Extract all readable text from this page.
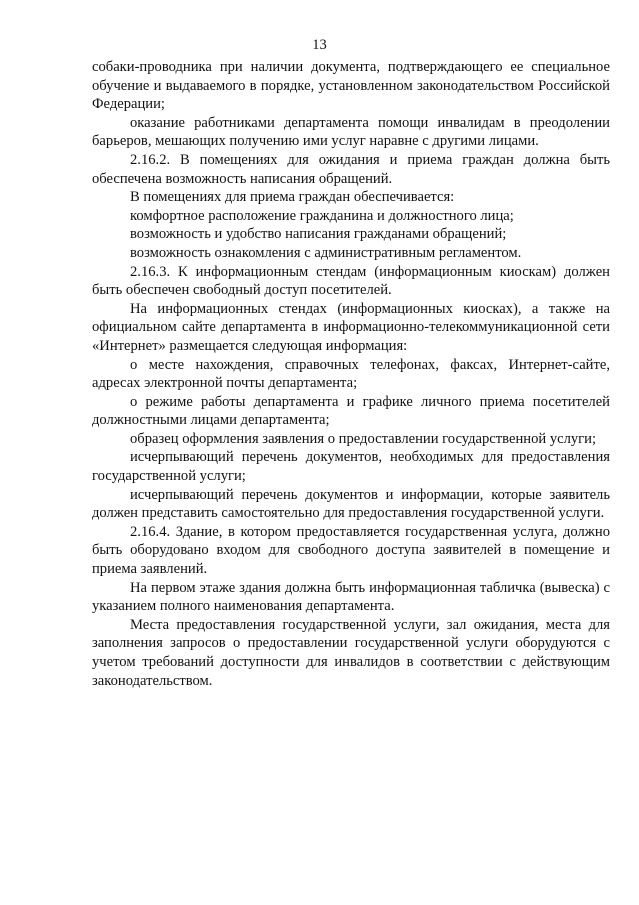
13

собаки-проводника при наличии документа, подтверждающего ее специальное обучение и выдаваемого в порядке, установленном законодательством Российской Федерации;

оказание работниками департамента помощи инвалидам в преодолении барьеров, мешающих получению ими услуг наравне с другими лицами.

2.16.2. В помещениях для ожидания и приема граждан должна быть обеспечена возможность написания обращений.

В помещениях для приема граждан обеспечивается:

комфортное расположение гражданина и должностного лица;

возможность и удобство написания гражданами обращений;

возможность ознакомления с административным регламентом.

2.16.3. К информационным стендам (информационным киоскам) должен быть обеспечен свободный доступ посетителей.

На информационных стендах (информационных киосках), а также на официальном сайте департамента в информационно-телекоммуникационной сети «Интернет» размещается следующая информация:

о месте нахождения, справочных телефонах, факсах, Интернет-сайте, адресах электронной почты департамента;

о режиме работы департамента и графике личного приема посетителей должностными лицами департамента;

образец оформления заявления о предоставлении государственной услуги;

исчерпывающий перечень документов, необходимых для предоставления государственной услуги;

исчерпывающий перечень документов и информации, которые заявитель должен представить самостоятельно для предоставления государственной услуги.

2.16.4. Здание, в котором предоставляется государственная услуга, должно быть оборудовано входом для свободного доступа заявителей в помещение и приема заявлений.

На первом этаже здания должна быть информационная табличка (вывеска) с указанием полного наименования департамента.

Места предоставления государственной услуги, зал ожидания, места для заполнения запросов о предоставлении государственной услуги оборудуются с учетом требований доступности для инвалидов в соответствии с действующим законодательством.
